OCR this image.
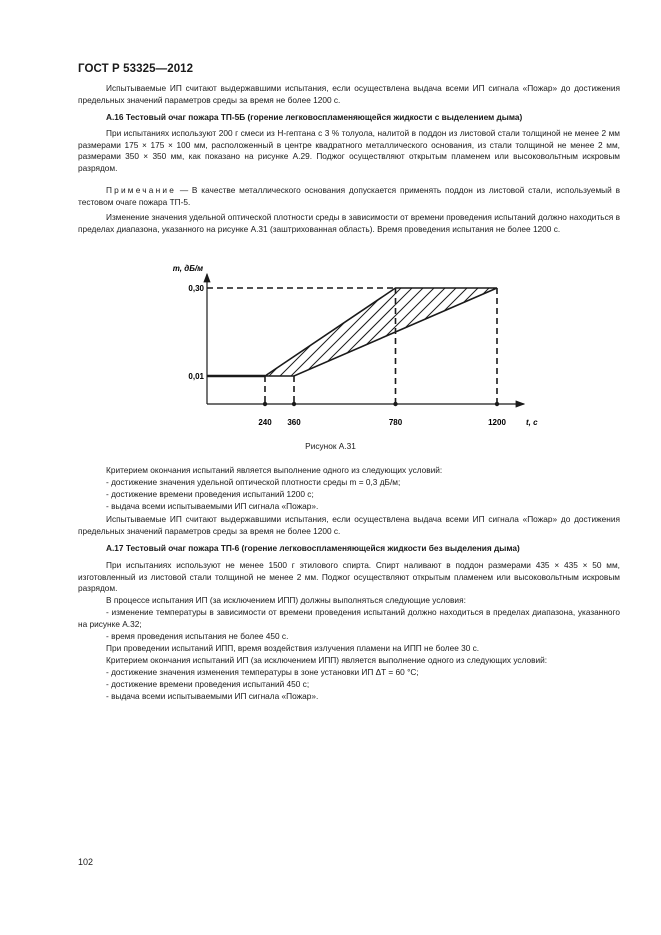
ГОСТ Р 53325—2012
Испытываемые ИП считают выдержавшими испытания, если осуществлена выдача всеми ИП сигнала «Пожар» до достижения предельных значений параметров среды за время не более 1200 с.
А.16 Тестовый очаг пожара ТП-5Б (горение легковоспламеняющейся жидкости с выделением дыма)
При испытаниях используют 200 г смеси из Н-гептана с 3 % толуола, налитой в поддон из листовой стали толщиной не менее 2 мм размерами 175 × 175 × 100 мм, расположенный в центре квадратного металлического основания, из стали толщиной не менее 2 мм, размерами 350 × 350 мм, как показано на рисунке А.29. Поджог осуществляют открытым пламенем или высоковольтным искровым разрядом.
Примечание — В качестве металлического основания допускается применять поддон из листовой стали, используемый в тестовом очаге пожара ТП-5.
Изменение значения удельной оптической плотности среды в зависимости от времени проведения испытаний должно находиться в пределах диапазона, указанного на рисунке А.31 (заштрихованная область). Время проведения испытания не более 1200 с.
240 360	780	1200
0,01
0,30
m, дБ/м
t, с
Рисунок А.31
Критерием окончания испытаний является выполнение одного из следующих условий:
- достижение значения удельной оптической плотности среды m = 0,3 дБ/м;
- достижение времени проведения испытаний 1200 с;
- выдача всеми испытываемыми ИП сигнала «Пожар».
Испытываемые ИП считают выдержавшими испытания, если осуществлена выдача всеми ИП сигнала «Пожар» до достижения предельных значений параметров среды за время не более 1200 с.
А.17 Тестовый очаг пожара ТП-6 (горение легковоспламеняющейся жидкости без выделения дыма)
При испытаниях используют не менее 1500 г этилового спирта. Спирт наливают в поддон размерами 435 × 435 × 50 мм, изготовленный из листовой стали толщиной не менее 2 мм. Поджог осуществляют открытым пламенем или высоковольтным искровым разрядом.
В процессе испытания ИП (за исключением ИПП) должны выполняться следующие условия:
- изменение температуры в зависимости от времени проведения испытаний должно находиться в пределах диапазона, указанного на рисунке А.32;
- время проведения испытания не более 450 с.
При проведении испытаний ИПП, время воздействия излучения пламени на ИПП не более 30 с.
Критерием окончания испытаний ИП (за исключением ИПП) является выполнение одного из следующих условий:
- достижение значения изменения температуры в зоне установки ИП ΔT = 60 °С;
- достижение времени проведения испытаний 450 с;
- выдача всеми испытываемыми ИП сигнала «Пожар».
102
